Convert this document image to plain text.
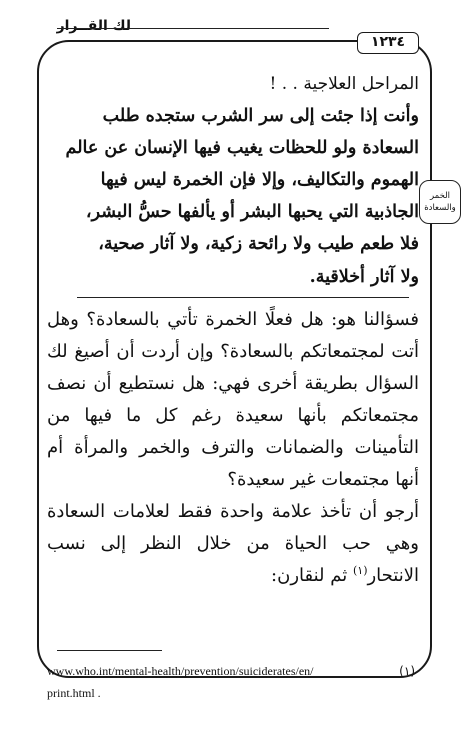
لك القــرار
١٢٣٤
الخمر
والسعادة

المراحل العلاجية . . !

وأنت إذا جئت إلى سر الشرب ستجده طلب
السعادة ولو للحظات يغيب فيها الإنسان عن عالم
الهموم والتكاليف، وإلا فإن الخمرة ليس فيها
الجاذبية التي يحبها البشر أو يألفها حسُّ البشر،
فلا طعم طيب ولا رائحة زكية، ولا آثار صحية،
ولا آثار أخلاقية.

فسؤالنا هو: هل فعلًا الخمرة تأتي بالسعادة؟ وهل أتت لمجتمعاتكم بالسعادة؟ وإن أردت أن أصيغ لك السؤال بطريقة أخرى فهي: هل نستطيع أن نصف مجتمعاتكم بأنها سعيدة رغم كل ما فيها من التأمينات والضمانات والترف والخمر والمرأة أم أنها مجتمعات غير سعيدة؟

أرجو أن تأخذ علامة واحدة فقط لعلامات السعادة وهي حب الحياة من خلال النظر إلى نسب الانتحار$^{(١)}$ ثم لنقارن:

www.who.int/mental-health/prevention/suiciderates/en/	(١)
print.html .
